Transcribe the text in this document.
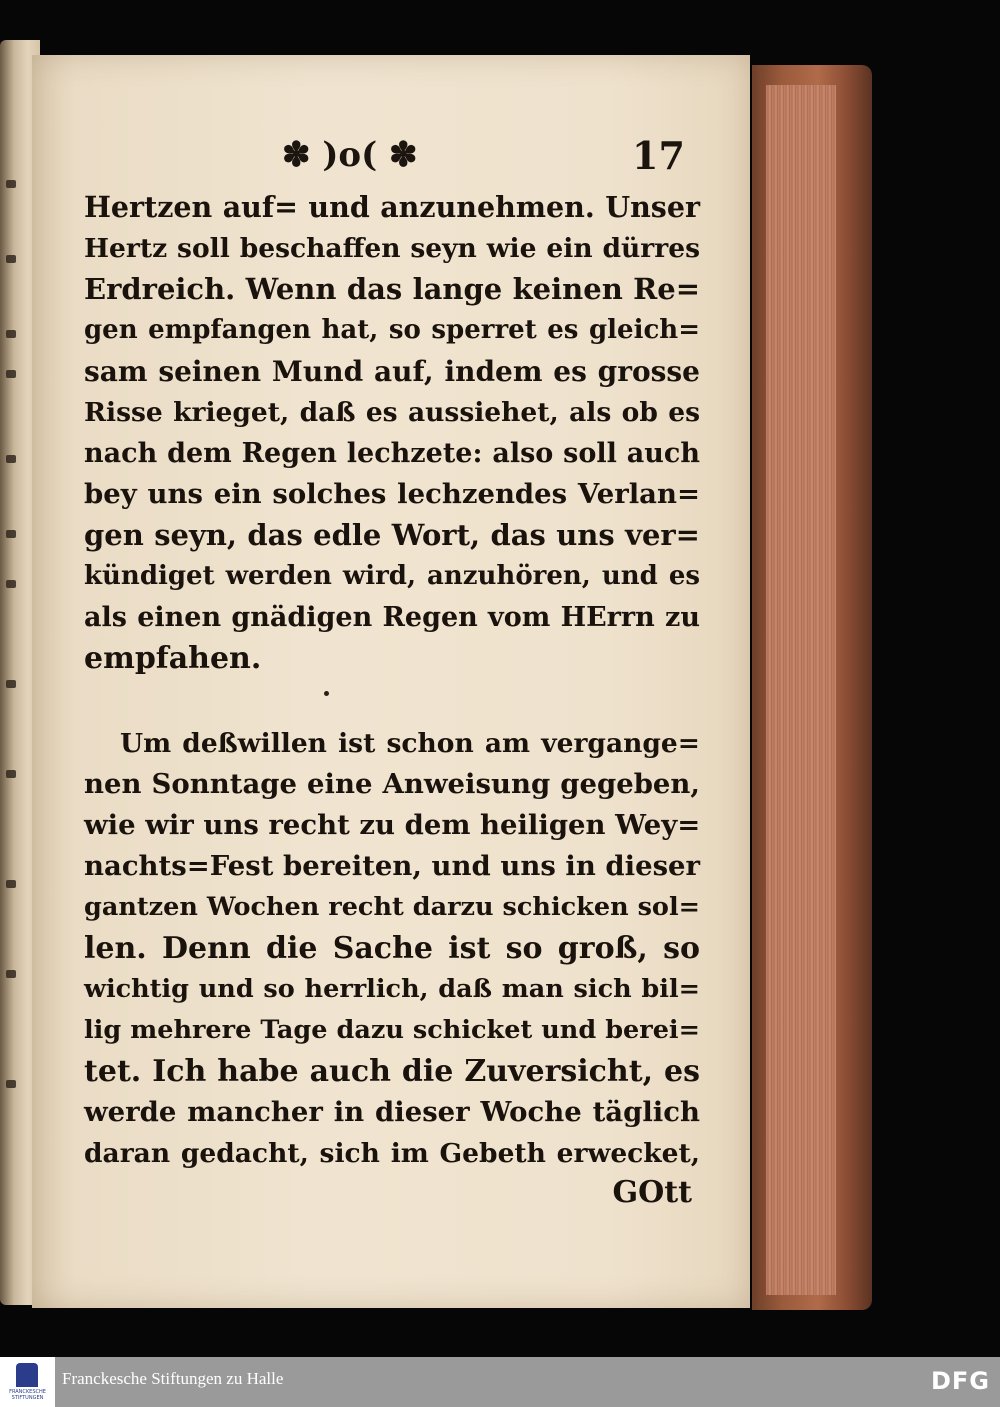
✽ )o( ✽	17
Hertzen auf= und anzunehmen. Unser
Hertz soll beschaffen seyn wie ein dürres
Erdreich. Wenn das lange keinen Re=
gen empfangen hat, so sperret es gleich=
sam seinen Mund auf, indem es grosse
Risse krieget, daß es aussiehet, als ob es
nach dem Regen lechzete: also soll auch
bey uns ein solches lechzendes Verlan=
gen seyn, das edle Wort, das uns ver=
kündiget werden wird, anzuhören, und es
als einen gnädigen Regen vom HErrn zu
empfahen.
Um deßwillen ist schon am vergange=
nen Sonntage eine Anweisung gegeben,
wie wir uns recht zu dem heiligen Wey=
nachts=Fest bereiten, und uns in dieser
gantzen Wochen recht darzu schicken sol=
len. Denn die Sache ist so groß, so
wichtig und so herrlich, daß man sich bil=
lig mehrere Tage dazu schicket und berei=
tet. Ich habe auch die Zuversicht, es
werde mancher in dieser Woche täglich
daran gedacht, sich im Gebeth erwecket,
GOtt
FRANCKESCHE STIFTUNGEN
Franckesche Stiftungen zu Halle	DFG
